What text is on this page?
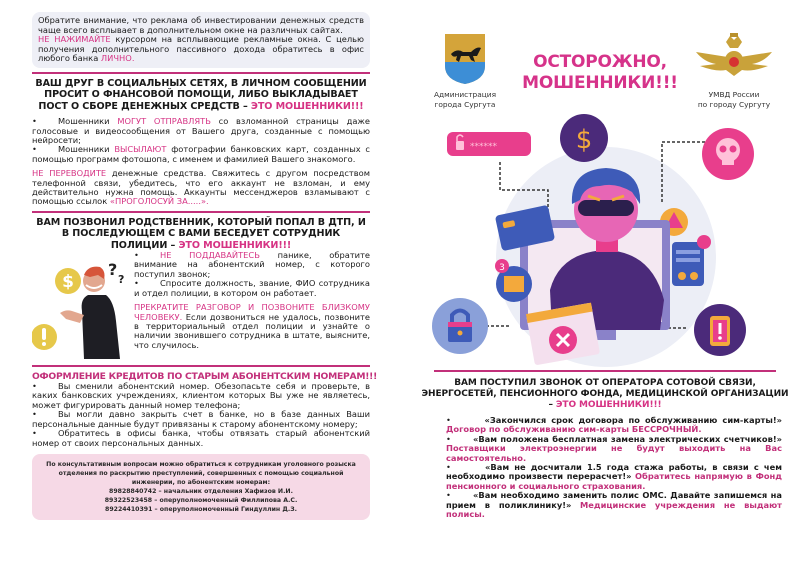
Обратите внимание, что реклама об инвестировании денежных средств чаще всего всплывает в дополнительном окне на различных сайтах.
НЕ НАЖИМАЙТЕ курсором на всплывающие рекламные окна. С целью получения дополнительного пассивного дохода обратитесь в офис любого банка ЛИЧНО.
ВАШ ДРУГ В СОЦИАЛЬНЫХ СЕТЯХ, В ЛИЧНОМ СООБЩЕНИИ ПРОСИТ О ФНАНСОВОЙ ПОМОЩИ, ЛИБО ВЫКЛАДЫВАЕТ ПОСТ О СБОРЕ ДЕНЕЖНЫХ СРЕДСТВ – ЭТО МОШЕННИКИ!!!
•	Мошенники МОГУТ ОТПРАВЛЯТЬ со взломанной страницы даже голосовые и видеосообщения от Вашего друга, созданные с помощью нейросети;
•	Мошенники ВЫСЫЛАЮТ фотографии банковских карт, созданных с помощью программ фотошопа, с именем и фамилией Вашего знакомого.
НЕ ПЕРЕВОДИТЕ денежные средства. Свяжитесь с другом посредством телефонной связи, убедитесь, что его аккаунт не взломан, и ему действительно нужна помощь. Аккаунты мессенджеров взламывают с помощью ссылок «ПРОГОЛОСУЙ ЗА.....».
ВАМ ПОЗВОНИЛ РОДСТВЕННИК, КОТОРЫЙ ПОПАЛ В ДТП, И В ПОСЛЕДУЮЩЕМ С ВАМИ БЕСЕДУЕТ СОТРУДНИК ПОЛИЦИИ – ЭТО МОШЕННИКИ!!!
$
?
?
•	НЕ ПОДДАВАЙТЕСЬ панике, обратите внимание на абонентский номер, с которого поступил звонок;
•	Спросите должность, звание, ФИО сотрудника и отдел полиции, в котором он работает.
ПРЕКРАТИТЕ РАЗГОВОР И ПОЗВОНИТЕ БЛИЗКОМУ ЧЕЛОВЕКУ. Если дозвониться не удалось, позвоните в территориальный отдел полиции и узнайте о наличии звонившего сотрудника в штате, выясните, что случилось.
ОФОРМЛЕНИЕ КРЕДИТОВ ПО СТАРЫМ АБОНЕНТСКИМ НОМЕРАМ!!!
•	Вы сменили абонентский номер. Обезопасьте себя и проверьте, в каких банковских учреждениях, клиентом которых Вы уже не являетесь, может фигурировать данный номер телефона;
•	Вы могли давно закрыть счет в банке, но в базе данных Ваши персональные данные будут привязаны к старому абонентскому номеру;
•	Обратитесь в офисы банка, чтобы отвязать старый абонентский номер от своих персональных данных.
По консультативным вопросам можно обратиться к сотрудникам уголовного розыска отделения по раскрытию преступлений, совершенных с помощью социальной инженерии, по абонентским номерам:
89828840742 – начальник отделения Хафизов И.И.
89322523458 – оперуполномоченный Филлипова А.С.
89224410391 – оперуполномоченный Гиндуллин Д.З.
Администрация
города Сургута
ОСТОРОЖНО,
МОШЕННИКИ!!!
УМВД России
по городу Сургуту
******	$
3
ВАМ ПОСТУПИЛ ЗВОНОК ОТ ОПЕРАТОРА СОТОВОЙ СВЯЗИ, ЭНЕРГОСЕТЕЙ, ПЕНСИОННОГО ФОНДА, МЕДИЦИНСКОЙ ОРГАНИЗАЦИИ – ЭТО МОШЕННИКИ!!!
•       «Закончился срок договора по обслуживанию сим-карты!» Договор по обслуживанию сим-карты БЕССРОЧНЫЙ.
•       «Вам положена бесплатная замена электрических счетчиков!» Поставщики электроэнергии не будут выходить на Вас самостоятельно.
•       «Вам не досчитали 1.5 года стажа работы, в связи с чем необходимо произвести перерасчет!» Обратитесь напрямую в Фонд пенсионного и социального страхования.
•       «Вам необходимо заменить полис ОМС. Давайте запишемся на прием в поликлинику!» Медицинские учреждения не выдают полисы.
